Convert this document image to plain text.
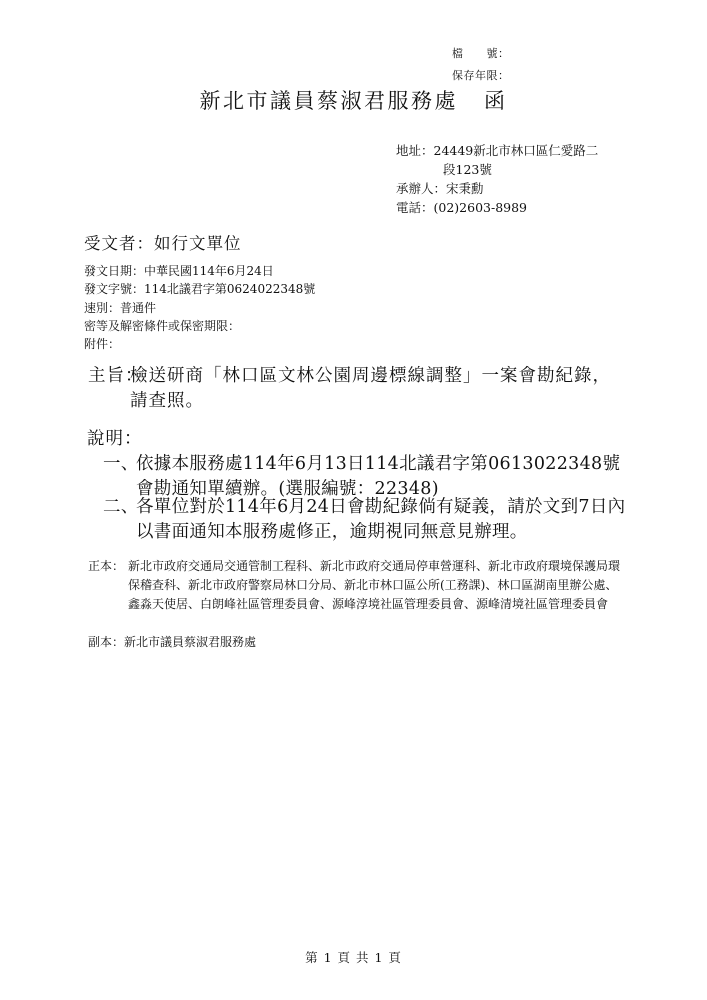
檔　　號：
保存年限：
新北市議員蔡淑君服務處 函
地址：24449新北市林口區仁愛路二
段123號
承辦人：宋秉勳
電話：(02)2603-8989
受文者：如行文單位
發文日期：中華民國114年6月24日
發文字號：114北議君字第0624022348號
速別：普通件
密等及解密條件或保密期限：
附件：
主旨：
檢送研商「林口區文林公園周邊標線調整」一案會勘紀錄，請查照。
說明：
一、
依據本服務處114年6月13日114北議君字第0613022348號會勘通知單續辦。(選服編號：22348)
二、
各單位對於114年6月24日會勘紀錄倘有疑義，請於文到7日內以書面通知本服務處修正，逾期視同無意見辦理。
正本： 新北市政府交通局交通管制工程科、新北市政府交通局停車營運科、新北市政府環境保護局環保稽查科、新北市政府警察局林口分局、新北市林口區公所(工務課)、林口區湖南里辦公處、鑫淼天使居、白朗峰社區管理委員會、源峰淳境社區管理委員會、源峰清境社區管理委員會
副本：新北市議員蔡淑君服務處
第 1 頁 共 1 頁
